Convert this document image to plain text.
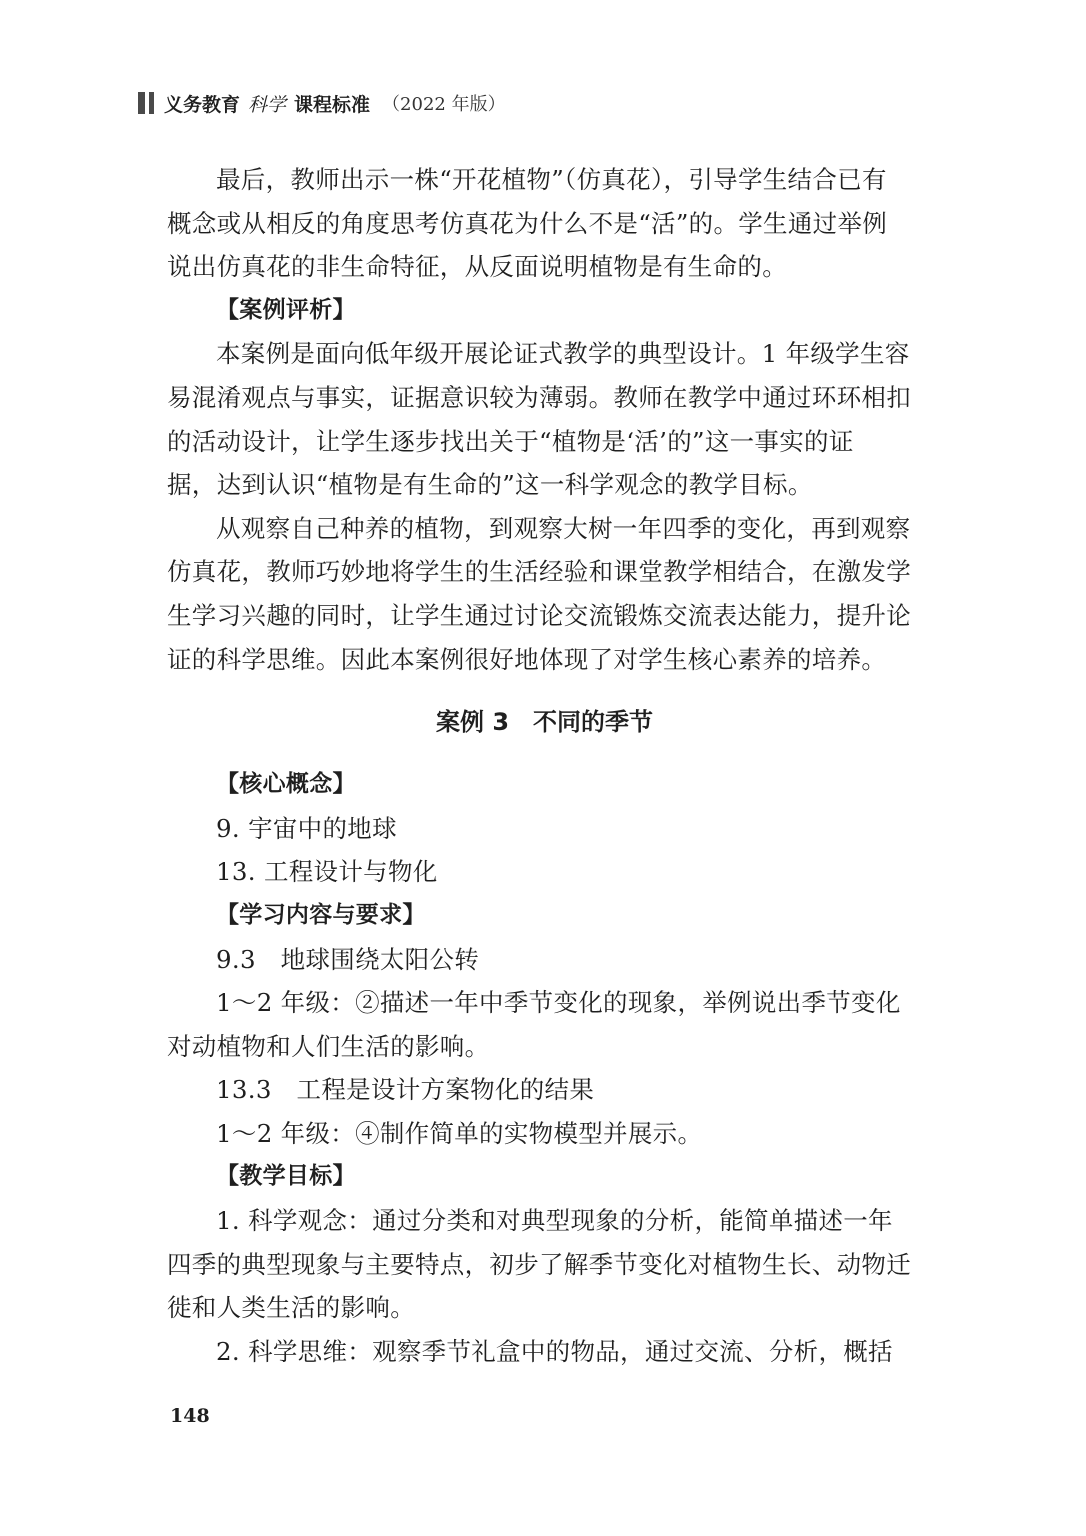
义务教育 科学 课程标准 （2022 年版）
最后，教师出示一株“开花植物”（仿真花），引导学生结合已有
概念或从相反的角度思考仿真花为什么不是“活”的。学生通过举例
说出仿真花的非生命特征，从反面说明植物是有生命的。
【案例评析】
本案例是面向低年级开展论证式教学的典型设计。1 年级学生容
易混淆观点与事实，证据意识较为薄弱。教师在教学中通过环环相扣
的活动设计，让学生逐步找出关于“植物是‘活’的”这一事实的证
据，达到认识“植物是有生命的”这一科学观念的教学目标。
从观察自己种养的植物，到观察大树一年四季的变化，再到观察
仿真花，教师巧妙地将学生的生活经验和课堂教学相结合，在激发学
生学习兴趣的同时，让学生通过讨论交流锻炼交流表达能力，提升论
证的科学思维。因此本案例很好地体现了对学生核心素养的培养。
案例 3　不同的季节
【核心概念】
9. 宇宙中的地球
13. 工程设计与物化
【学习内容与要求】
9.3　地球围绕太阳公转
1～2 年级：②描述一年中季节变化的现象，举例说出季节变化
对动植物和人们生活的影响。
13.3　工程是设计方案物化的结果
1～2 年级：④制作简单的实物模型并展示。
【教学目标】
1. 科学观念：通过分类和对典型现象的分析，能简单描述一年
四季的典型现象与主要特点，初步了解季节变化对植物生长、动物迁
徙和人类生活的影响。
2. 科学思维：观察季节礼盒中的物品，通过交流、分析，概括
148
